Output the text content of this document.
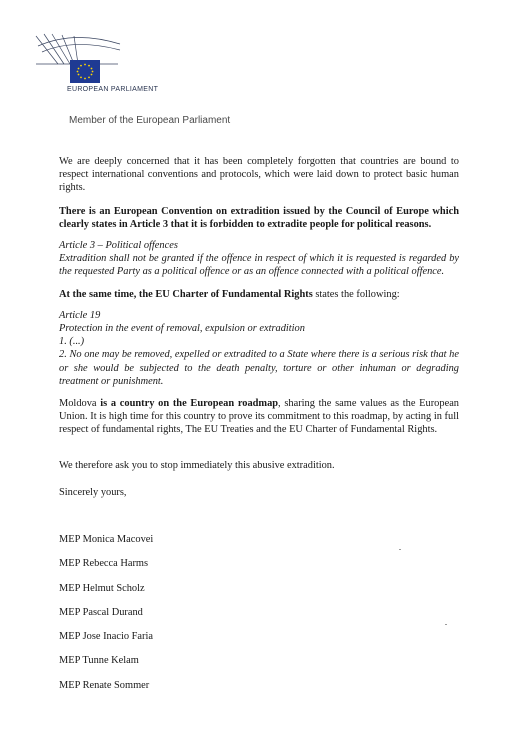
EUROPEAN PARLIAMENT
Member of the European Parliament

We are deeply concerned that it has been completely forgotten that countries are bound to respect international conventions and protocols, which were laid down to protect basic human rights.

There is an European Convention on extradition issued by the Council of Europe which clearly states in Article 3 that it is forbidden to extradite people for political reasons.

Article 3 – Political offences
Extradition shall not be granted if the offence in respect of which it is requested is regarded by the requested Party as a political offence or as an offence connected with a political offence.

At the same time, the EU Charter of Fundamental Rights states the following:

Article 19
Protection in the event of removal, expulsion or extradition
1. (...)
2. No one may be removed, expelled or extradited to a State where there is a serious risk that he or she would be subjected to the death penalty, torture or other inhuman or degrading treatment or punishment.

Moldova is a country on the European roadmap, sharing the same values as the European Union. It is high time for this country to prove its commitment to this roadmap, by acting in full respect of fundamental rights, The EU Treaties and the EU Charter of Fundamental Rights.

We therefore ask you to stop immediately this abusive extradition.
Sincerely yours,
MEP Monica Macovei
MEP Rebecca Harms
MEP Helmut Scholz
MEP Pascal Durand
MEP Jose Inacio Faria
MEP Tunne Kelam
MEP Renate Sommer
